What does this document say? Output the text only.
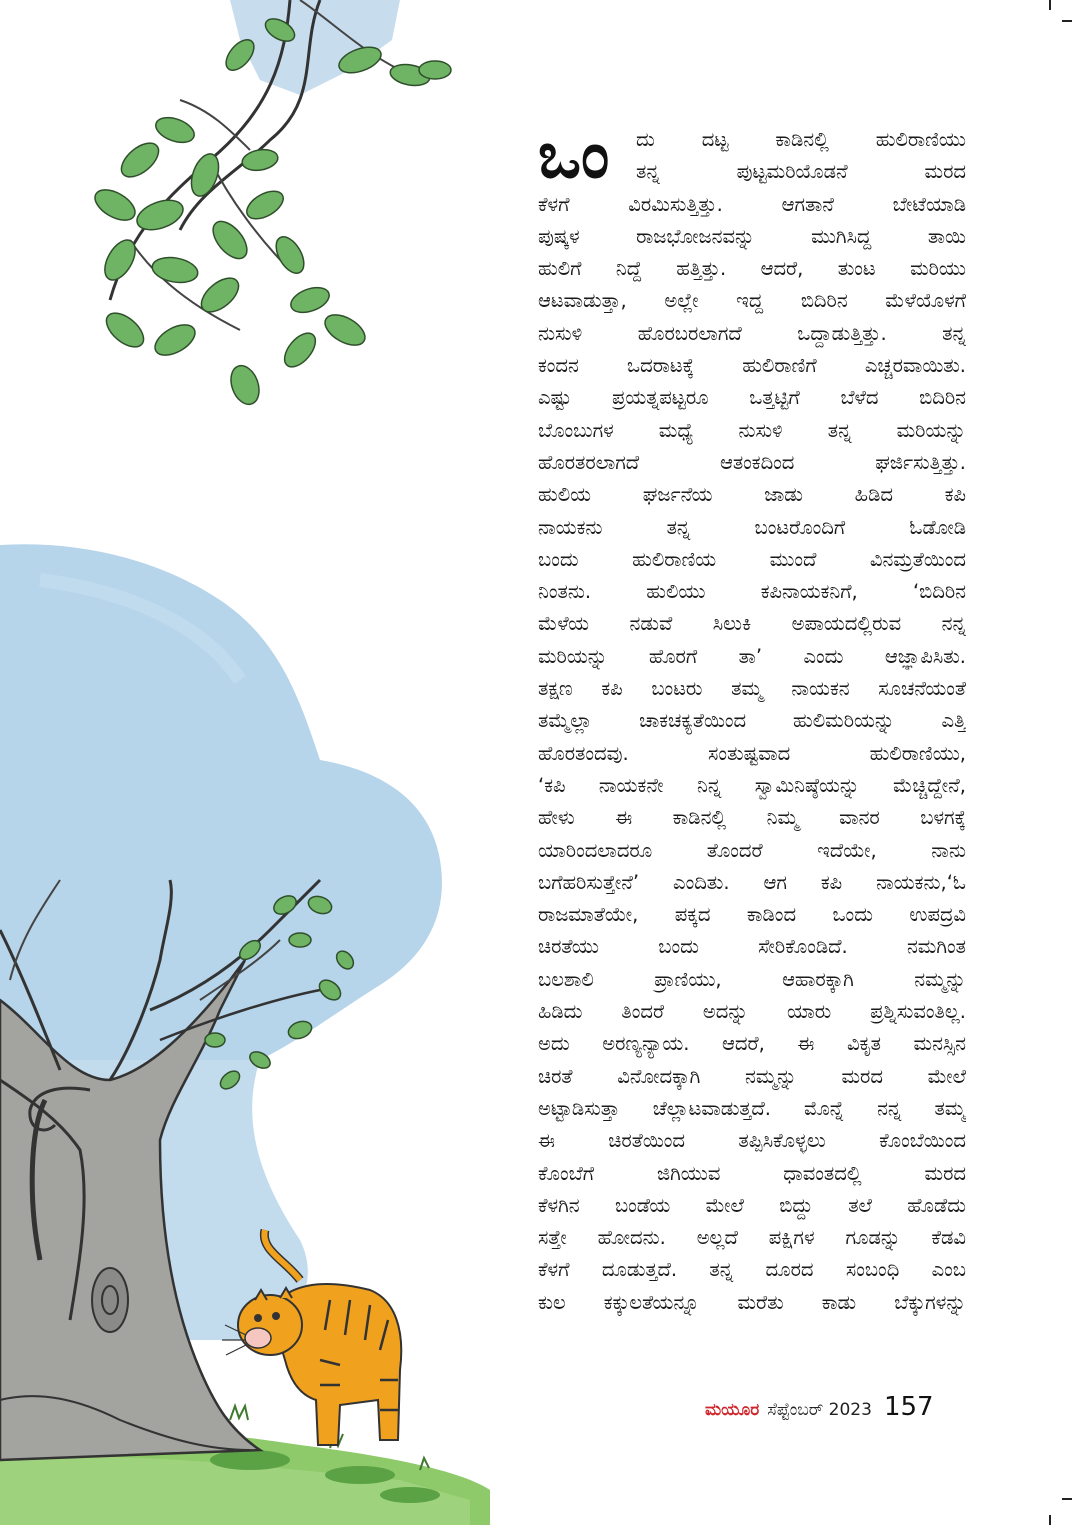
ಒಂ	ದು ದಟ್ಟ ಕಾಡಿನಲ್ಲಿ ಹುಲಿರಾಣಿಯು
ತನ್ನ ಪುಟ್ಟಮರಿಯೊಡನೆ ಮರದ
ಕೆಳಗೆ ವಿರಮಿಸುತ್ತಿತ್ತು. ಆಗತಾನೆ ಬೇಟೆಯಾಡಿ
ಪುಷ್ಕಳ ರಾಜಭೋಜನವನ್ನು ಮುಗಿಸಿದ್ದ ತಾಯಿ
ಹುಲಿಗೆ ನಿದ್ದೆ ಹತ್ತಿತ್ತು. ಆದರೆ, ತುಂಟ ಮರಿಯು
ಆಟವಾಡುತ್ತಾ, ಅಲ್ಲೇ ಇದ್ದ ಬಿದಿರಿನ ಮೆಳೆಯೊಳಗೆ
ನುಸುಳಿ ಹೊರಬರಲಾಗದೆ ಒದ್ದಾಡುತ್ತಿತ್ತು. ತನ್ನ
ಕಂದನ ಒದರಾಟಕ್ಕೆ ಹುಲಿರಾಣಿಗೆ ಎಚ್ಚರವಾಯಿತು.
ಎಷ್ಟು ಪ್ರಯತ್ನಪಟ್ಟರೂ ಒತ್ತಟ್ಟಿಗೆ ಬೆಳೆದ ಬಿದಿರಿನ
ಬೊಂಬುಗಳ ಮಧ್ಯೆ ನುಸುಳಿ ತನ್ನ ಮರಿಯನ್ನು
ಹೊರತರಲಾಗದೆ ಆತಂಕದಿಂದ ಘರ್ಜಿಸುತ್ತಿತ್ತು.
ಹುಲಿಯ ಘರ್ಜನೆಯ ಜಾಡು ಹಿಡಿದ ಕಪಿ
ನಾಯಕನು ತನ್ನ ಬಂಟರೊಂದಿಗೆ ಓಡೋಡಿ
ಬಂದು ಹುಲಿರಾಣಿಯ ಮುಂದೆ ವಿನಮ್ರತೆಯಿಂದ
ನಿಂತನು. ಹುಲಿಯು ಕಪಿನಾಯಕನಿಗೆ, ‘ಬಿದಿರಿನ
ಮೆಳೆಯ ನಡುವೆ ಸಿಲುಕಿ ಅಪಾಯದಲ್ಲಿರುವ ನನ್ನ
ಮರಿಯನ್ನು ಹೊರಗೆ ತಾ’ ಎಂದು ಆಜ್ಞಾಪಿಸಿತು.
ತಕ್ಷಣ ಕಪಿ ಬಂಟರು ತಮ್ಮ ನಾಯಕನ ಸೂಚನೆಯಂತೆ
ತಮ್ಮೆಲ್ಲಾ ಚಾಕಚಕ್ಯತೆಯಿಂದ ಹುಲಿಮರಿಯನ್ನು ಎತ್ತಿ
ಹೊರತಂದವು. ಸಂತುಷ್ಟವಾದ ಹುಲಿರಾಣಿಯು,
‘ಕಪಿ ನಾಯಕನೇ ನಿನ್ನ ಸ್ವಾಮಿನಿಷ್ಠೆಯನ್ನು ಮೆಚ್ಚಿದ್ದೇನೆ,
ಹೇಳು ಈ ಕಾಡಿನಲ್ಲಿ ನಿಮ್ಮ ವಾನರ ಬಳಗಕ್ಕೆ
ಯಾರಿಂದಲಾದರೂ ತೊಂದರೆ ಇದೆಯೇ, ನಾನು
ಬಗೆಹರಿಸುತ್ತೇನೆ’ ಎಂದಿತು. ಆಗ ಕಪಿ ನಾಯಕನು,‘ಓ
ರಾಜಮಾತೆಯೇ, ಪಕ್ಕದ ಕಾಡಿಂದ ಒಂದು ಉಪದ್ರವಿ
ಚಿರತೆಯು ಬಂದು ಸೇರಿಕೊಂಡಿದೆ. ನಮಗಿಂತ
ಬಲಶಾಲಿ ಪ್ರಾಣಿಯು, ಆಹಾರಕ್ಕಾಗಿ ನಮ್ಮನ್ನು
ಹಿಡಿದು ತಿಂದರೆ ಅದನ್ನು ಯಾರು ಪ್ರಶ್ನಿಸುವಂತಿಲ್ಲ.
ಅದು ಅರಣ್ಯನ್ಯಾಯ. ಆದರೆ, ಈ ವಿಕೃತ ಮನಸ್ಸಿನ
ಚಿರತೆ ವಿನೋದಕ್ಕಾಗಿ ನಮ್ಮನ್ನು ಮರದ ಮೇಲೆ
ಅಟ್ಟಾಡಿಸುತ್ತಾ ಚೆಲ್ಲಾಟವಾಡುತ್ತದೆ. ಮೊನ್ನೆ ನನ್ನ ತಮ್ಮ
ಈ ಚಿರತೆಯಿಂದ ತಪ್ಪಿಸಿಕೊಳ್ಳಲು ಕೊಂಬೆಯಿಂದ
ಕೊಂಬೆಗೆ ಜಿಗಿಯುವ ಧಾವಂತದಲ್ಲಿ ಮರದ
ಕೆಳಗಿನ ಬಂಡೆಯ ಮೇಲೆ ಬಿದ್ದು ತಲೆ ಹೊಡೆದು
ಸತ್ತೇ ಹೋದನು. ಅಲ್ಲದೆ ಪಕ್ಷಿಗಳ ಗೂಡನ್ನು ಕೆಡವಿ
ಕೆಳಗೆ ದೂಡುತ್ತದೆ. ತನ್ನ ದೂರದ ಸಂಬಂಧಿ ಎಂಬ
ಕುಲ ಕಕ್ಕುಲತೆಯನ್ನೂ ಮರೆತು ಕಾಡು ಬೆಕ್ಕುಗಳನ್ನು
ಮಯೂರ ಸೆಪ್ಟೆಂಬರ್ 2023 157
